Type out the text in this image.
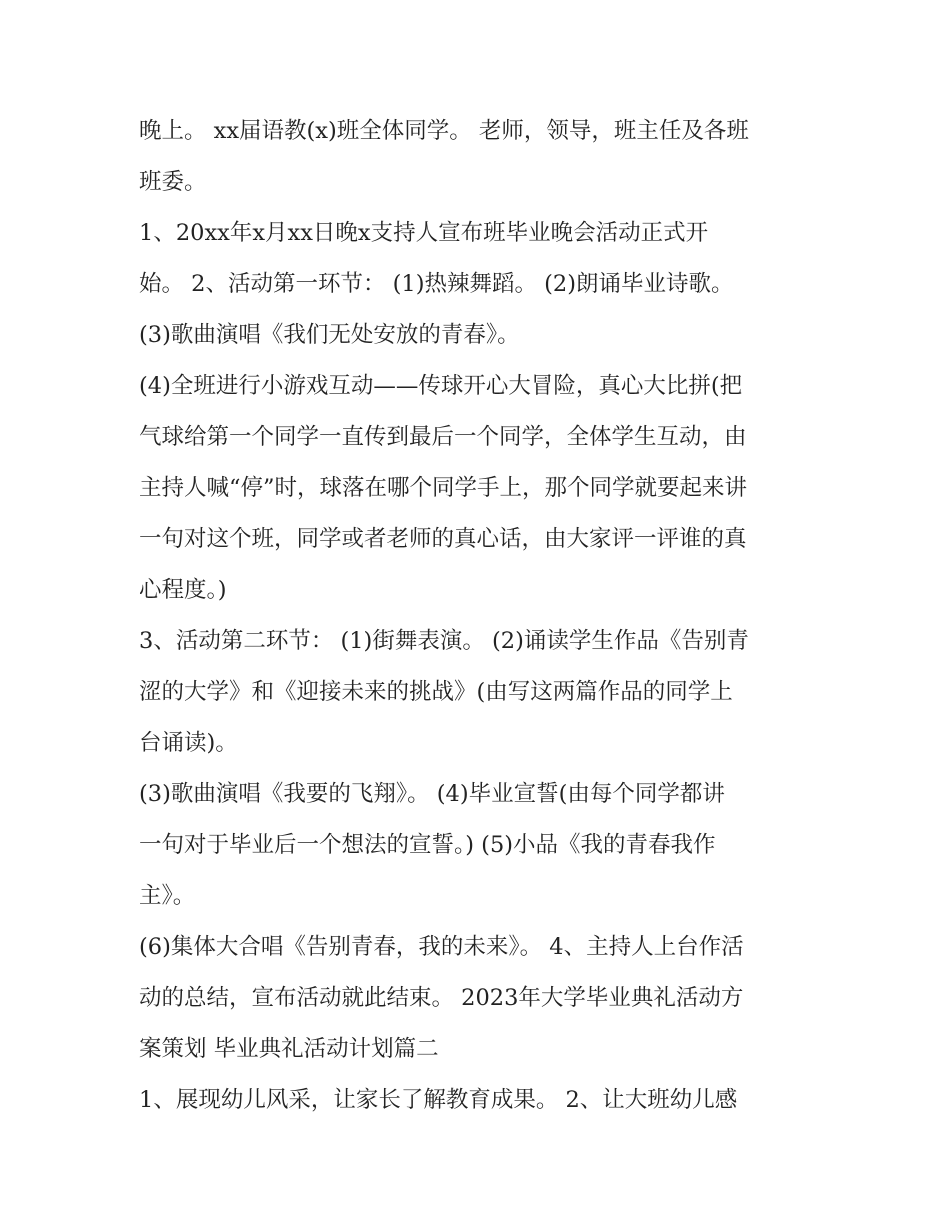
晚上。 xx届语教(x)班全体同学。 老师，领导，班主任及各班
班委。

1、20xx年x月xx日晚x支持人宣布班毕业晚会活动正式开
始。 2、活动第一环节： (1)热辣舞蹈。 (2)朗诵毕业诗歌。

(3)歌曲演唱《我们无处安放的青春》。

(4)全班进行小游戏互动——传球开心大冒险，真心大比拼(把
气球给第一个同学一直传到最后一个同学，全体学生互动，由
主持人喊“停”时，球落在哪个同学手上，那个同学就要起来讲
一句对这个班，同学或者老师的真心话，由大家评一评谁的真
心程度。)

3、活动第二环节： (1)街舞表演。 (2)诵读学生作品《告别青
涩的大学》和《迎接未来的挑战》(由写这两篇作品的同学上
台诵读)。

(3)歌曲演唱《我要的飞翔》。 (4)毕业宣誓(由每个同学都讲
一句对于毕业后一个想法的宣誓。) (5)小品《我的青春我作
主》。

(6)集体大合唱《告别青春，我的未来》。 4、主持人上台作活
动的总结，宣布活动就此结束。 2023年大学毕业典礼活动方
案策划 毕业典礼活动计划篇二

1、展现幼儿风采，让家长了解教育成果。 2、让大班幼儿感
